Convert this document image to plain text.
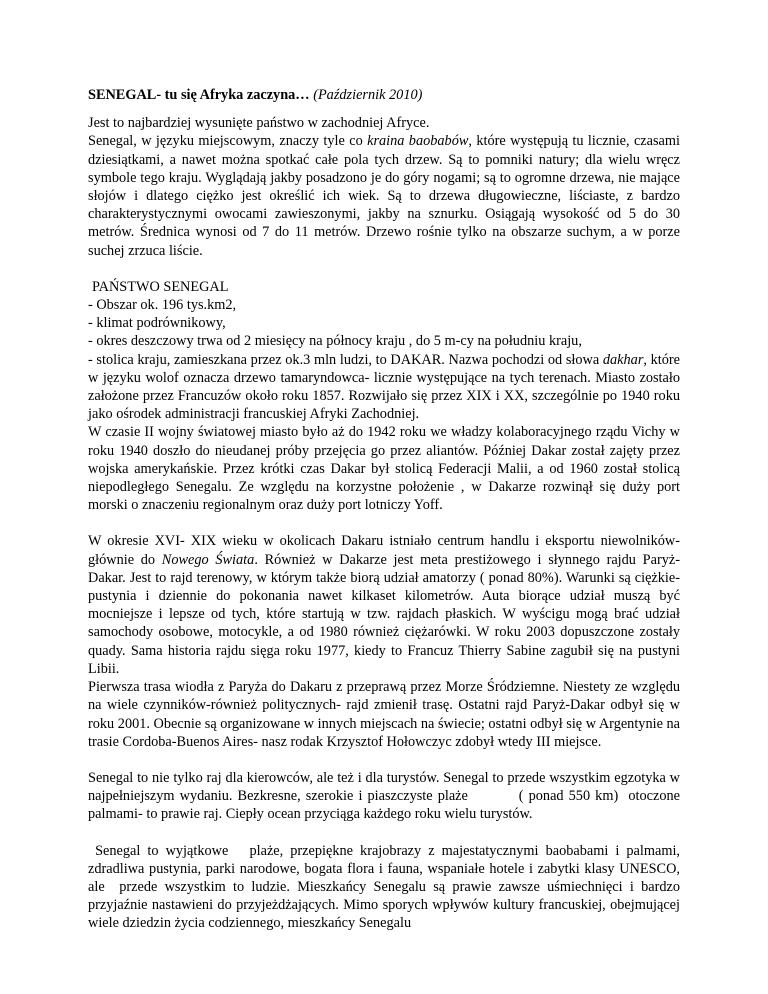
SENEGAL- tu się Afryka zaczyna… (Październik 2010)

Jest to najbardziej wysunięte państwo w zachodniej Afryce.
Senegal, w języku miejscowym, znaczy tyle co kraina baobabów, które występują tu licznie, czasami dziesiątkami, a nawet można spotkać całe pola tych drzew. Są to pomniki natury; dla wielu wręcz symbole tego kraju. Wyglądają jakby posadzono je do góry nogami; są to ogromne drzewa, nie mające słojów i dlatego ciężko jest określić ich wiek. Są to drzewa długowieczne, liściaste, z bardzo charakterystycznymi owocami zawieszonymi, jakby na sznurku. Osiągają wysokość od 5 do 30 metrów. Średnica wynosi od 7 do 11 metrów. Drzewo rośnie tylko na obszarze suchym, a w porze suchej zrzuca liście.

PAŃSTWO SENEGAL
- Obszar ok. 196 tys.km2,
- klimat podrównikowy,
- okres deszczowy trwa od 2 miesięcy na północy kraju , do 5 m-cy na południu kraju,
- stolica kraju, zamieszkana przez ok.3 mln ludzi, to DAKAR. Nazwa pochodzi od słowa dakhar, które w języku wolof oznacza drzewo tamaryndowca- licznie występujące na tych terenach. Miasto zostało założone przez Francuzów około roku 1857. Rozwijało się przez XIX i XX, szczególnie po 1940 roku jako ośrodek administracji francuskiej Afryki Zachodniej.
W czasie II wojny światowej miasto było aż do 1942 roku we władzy kolaboracyjnego rządu Vichy w roku 1940 doszło do nieudanej próby przejęcia go przez aliantów. Później Dakar został zajęty przez wojska amerykańskie. Przez krótki czas Dakar był stolicą Federacji Malii, a od 1960 został stolicą niepodległego Senegalu. Ze względu na korzystne położenie , w Dakarze rozwinął się duży port morski o znaczeniu regionalnym oraz duży port lotniczy Yoff.

W okresie XVI- XIX wieku w okolicach Dakaru istniało centrum handlu i eksportu niewolników- głównie do Nowego Świata. Również w Dakarze jest meta prestiżowego i słynnego rajdu Paryż- Dakar. Jest to rajd terenowy, w którym także biorą udział amatorzy ( ponad 80%). Warunki są ciężkie- pustynia i dziennie do pokonania nawet kilkaset kilometrów. Auta biorące udział muszą być mocniejsze i lepsze od tych, które startują w tzw. rajdach płaskich. W wyścigu mogą brać udział samochody osobowe, motocykle, a od 1980 również ciężarówki. W roku 2003 dopuszczone zostały quady. Sama historia rajdu sięga roku 1977, kiedy to Francuz Thierry Sabine zagubił się na pustyni Libii.
Pierwsza trasa wiodła z Paryża do Dakaru z przeprawą przez Morze Śródziemne. Niestety ze względu na wiele czynników-również politycznych- rajd zmienił trasę. Ostatni rajd Paryż-Dakar odbył się w roku 2001. Obecnie są organizowane w innych miejscach na świecie; ostatni odbył się w Argentynie na trasie Cordoba-Buenos Aires- nasz rodak Krzysztof Hołowczyc zdobył wtedy III miejsce.

Senegal to nie tylko raj dla kierowców, ale też i dla turystów. Senegal to przede wszystkim egzotyka w najpełniejszym wydaniu. Bezkresne, szerokie i piaszczyste plaże          ( ponad 550 km)  otoczone palmami- to prawie raj. Ciepły ocean przyciąga każdego roku wielu turystów.

Senegal to wyjątkowe   plaże, przepiękne krajobrazy z majestatycznymi baobabami i palmami, zdradliwa pustynia, parki narodowe, bogata flora i fauna, wspaniałe hotele i zabytki klasy UNESCO, ale  przede wszystkim to ludzie. Mieszkańcy Senegalu są prawie zawsze uśmiechnięci i bardzo przyjaźnie nastawieni do przyjeżdżających. Mimo sporych wpływów kultury francuskiej, obejmującej wiele dziedzin życia codziennego, mieszkańcy Senegalu
